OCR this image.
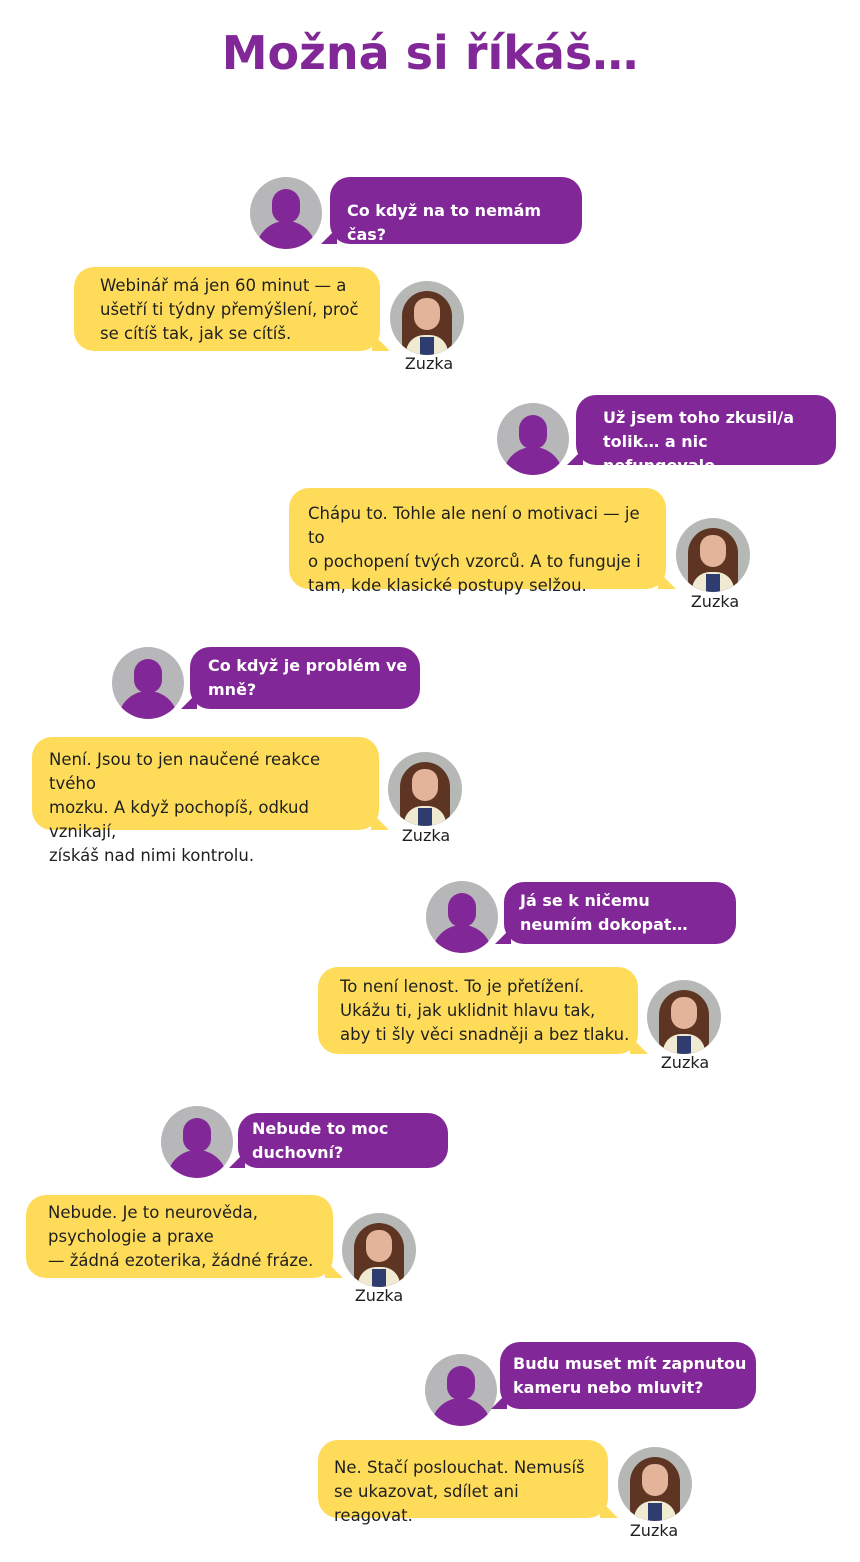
Možná si říkáš…
Co když na to nemám čas?
Webinář má jen 60 minut — a
ušetří ti týdny přemýšlení, proč
se cítíš tak, jak se cítíš.
Zuzka
Už jsem toho zkusil/a
tolik… a nic nefungovalo.
Chápu to. Tohle ale není o motivaci — je to
o pochopení tvých vzorců. A to funguje i
tam, kde klasické postupy selžou.
Zuzka
Co když je problém ve
mně?
Není. Jsou to jen naučené reakce tvého
mozku. A když pochopíš, odkud vznikají,
získáš nad nimi kontrolu.
Zuzka
Já se k ničemu
neumím dokopat…
To není lenost. To je přetížení.
Ukážu ti, jak uklidnit hlavu tak,
aby ti šly věci snadněji a bez tlaku.
Zuzka
Nebude to moc
duchovní?
Nebude. Je to neurověda,
psychologie a praxe
— žádná ezoterika, žádné fráze.
Zuzka
Budu muset mít zapnutou
kameru nebo mluvit?
Ne. Stačí poslouchat. Nemusíš
se ukazovat, sdílet ani reagovat.
Zuzka
